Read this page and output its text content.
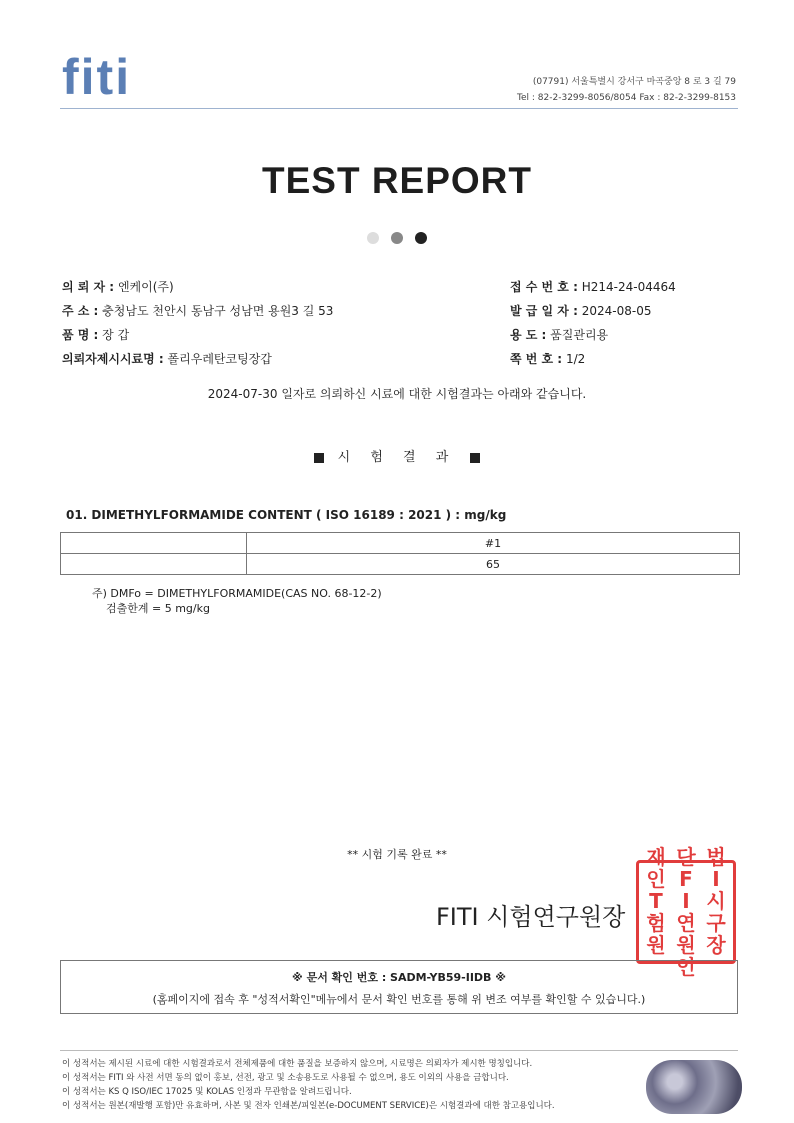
fiti	(07791) 서울특별시 강서구 마곡중앙 8 로 3 길 79
Tel : 82-2-3299-8056/8054 Fax : 82-2-3299-8153
TEST REPORT
의 뢰 자 : 엔케이(주)
주 소 : 충청남도 천안시 동남구 성남면 용원3 길 53
품 명 : 장 갑
의뢰자제시시료명 : 폴리우레탄코팅장갑
접 수 번 호 : H214-24-04464
발 급 일 자 : 2024-08-05
용 도 : 품질관리용
쪽 번 호 : 1/2
2024-07-30 일자로 의뢰하신 시료에 대한 시험결과는 아래와 같습니다.
시 험 결 과
01. DIMETHYLFORMAMIDE CONTENT ( ISO 16189 : 2021 ) : mg/kg
	#1
	65
주) DMFo = DIMETHYLFORMAMIDE(CAS NO. 68-12-2)
검출한계 = 5 mg/kg
** 시험 기록 완료 **
FITI 시험연구원장
재 단 법
인 F I
T I 시
험 연 구
원 원 장
인
※ 문서 확인 번호 : SADM-YB59-IIDB ※
(홈페이지에 접속 후 "성적서확인"메뉴에서 문서 확인 번호를 통해 위 변조 여부를 확인할 수 있습니다.)
이 성적서는 제시된 시료에 대한 시험결과로서 전체제품에 대한 품질을 보증하지 않으며, 시료명은 의뢰자가 제시한 명칭입니다.
이 성적서는 FITI 와 사전 서면 동의 없이 홍보, 선전, 광고 및 소송용도로 사용될 수 없으며, 용도 이외의 사용을 금합니다.
이 성적서는 KS Q ISO/IEC 17025 및 KOLAS 인정과 무관함을 알려드립니다.
이 성적서는 원본(재발행 포함)만 유효하며, 사본 및 전자 인쇄본/피일본(e-DOCUMENT SERVICE)은 시험결과에 대한 참고용입니다.
